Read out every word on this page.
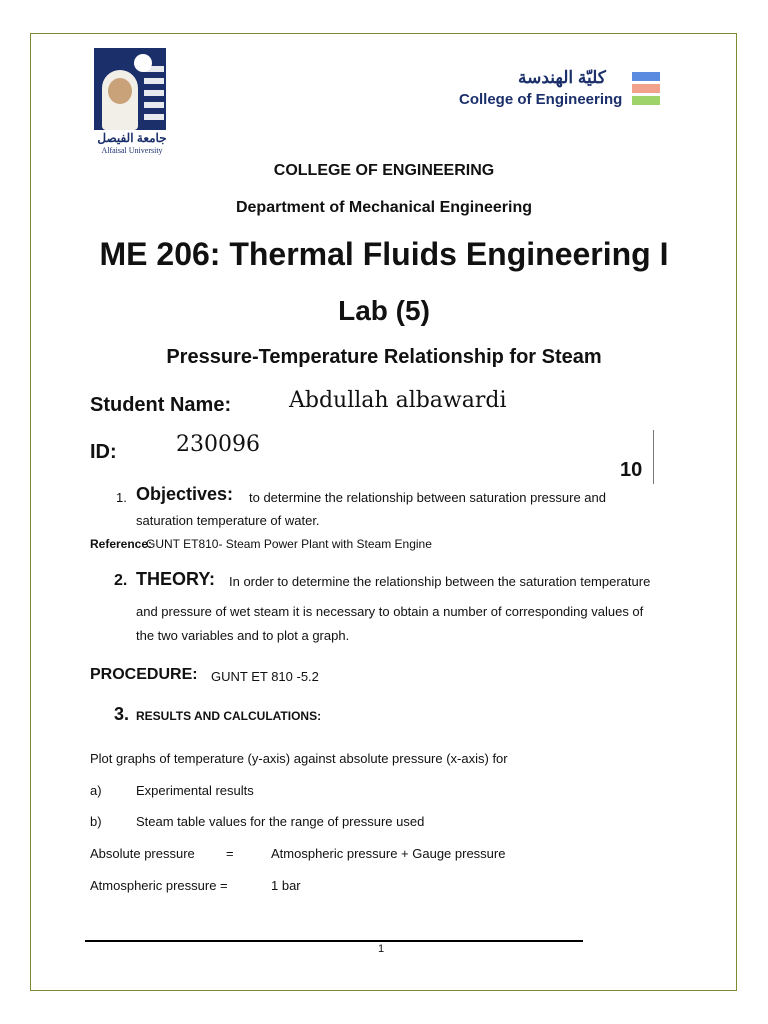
جامعة الفيصل
Alfaisal University
كليّة الهندسة
College of Engineering
COLLEGE OF ENGINEERING
Department of Mechanical Engineering
ME 206: Thermal Fluids Engineering I
Lab (5)
Pressure-Temperature Relationship for Steam
Student Name:	Abdullah albawardi
ID:	230096
10
1. Objectives: to determine the relationship between saturation pressure and
saturation temperature of water.
Reference:
GUNT ET810- Steam Power Plant with Steam Engine
2. THEORY: In order to determine the relationship between the saturation temperature
and pressure of wet steam it is necessary to obtain a number of corresponding values of
the two variables and to plot a graph.
PROCEDURE: GUNT ET 810 -5.2
3. RESULTS AND CALCULATIONS:
Plot graphs of temperature (y-axis) against absolute pressure (x-axis) for
a)	Experimental results
b)	Steam table values for the range of pressure used
Absolute pressure =	Atmospheric pressure + Gauge pressure
Atmospheric pressure =	1 bar
1
